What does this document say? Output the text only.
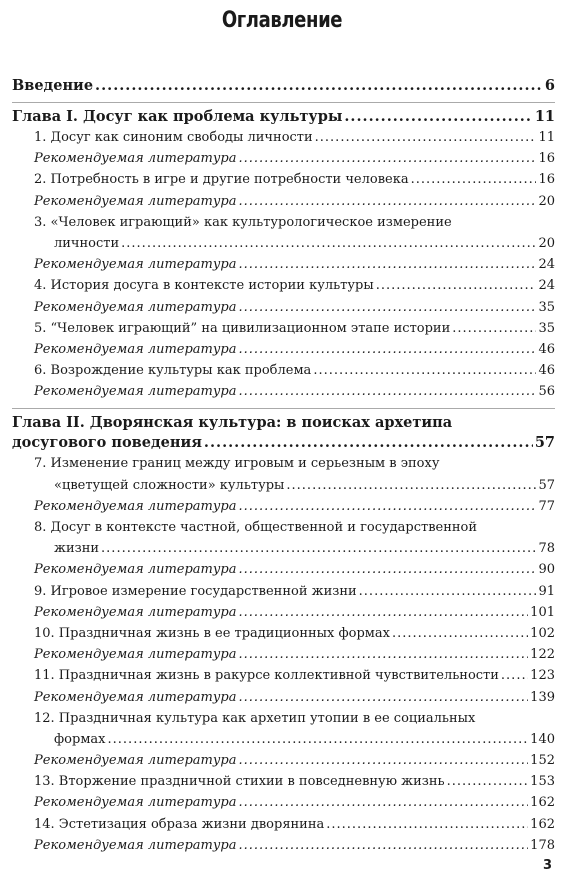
Оглавление
Введение .....	6
Глава I. Досуг как проблема культуры .....	11
1. Досуг как синоним свободы личности .....	11
Рекомендуемая литература .....	16
2. Потребность в игре и другие потребности человека .....	16
Рекомендуемая литература .....	20
3. «Человек играющий» как культурологическое измерение
личности .....	20
Рекомендуемая литература .....	24
4. История досуга в контексте истории культуры .....	24
Рекомендуемая литература .....	35
5. “Человек играющий” на цивилизационном этапе истории .....	35
Рекомендуемая литература .....	46
6. Возрождение культуры как проблема .....	46
Рекомендуемая литература .....	56
Глава II. Дворянская культура: в поисках архетипа
досугового поведения .....	57
7. Изменение границ между игровым и серьезным в эпоху
«цветущей сложности» культуры .....	57
Рекомендуемая литература .....	77
8. Досуг в контексте частной, общественной и государственной
жизни .....	78
Рекомендуемая литература .....	90
9. Игровое измерение государственной жизни .....	91
Рекомендуемая литература .....	101
10. Праздничная жизнь в ее традиционных формах .....	102
Рекомендуемая литература .....	122
11. Праздничная жизнь в ракурсе коллективной чувствительности ..... 123
Рекомендуемая литература .....	139
12. Праздничная культура как архетип утопии в ее социальных
формах .....	140
Рекомендуемая литература .....	152
13. Вторжение праздничной стихии в повседневную жизнь .....	153
Рекомендуемая литература .....	162
14. Эстетизация образа жизни дворянина .....	162
Рекомендуемая литература .....	178
3
